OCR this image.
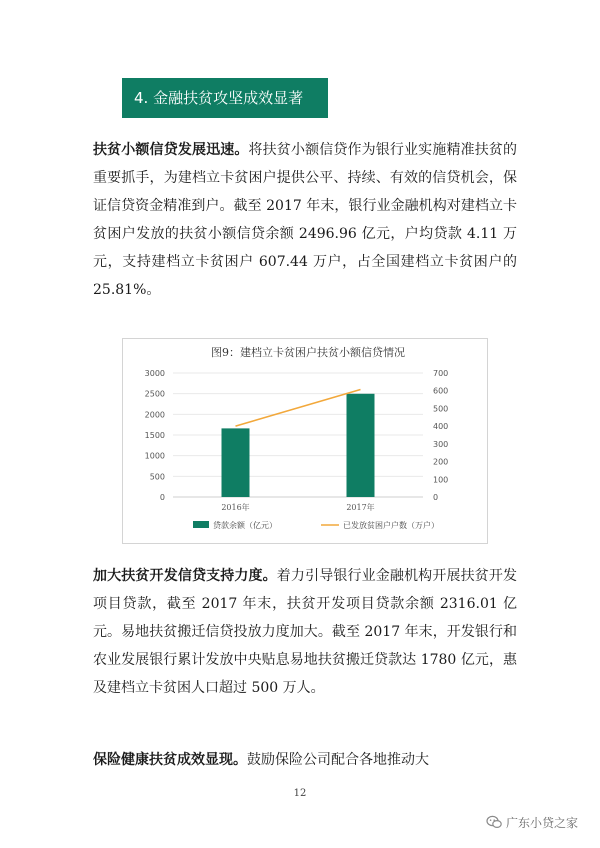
4. 金融扶贫攻坚成效显著

扶贫小额信贷发展迅速。将扶贫小额信贷作为银行业实施精准扶贫的重要抓手，为建档立卡贫困户提供公平、持续、有效的信贷机会，保证信贷资金精准到户。截至 2017 年末，银行业金融机构对建档立卡贫困户发放的扶贫小额信贷余额 2496.96 亿元，户均贷款 4.11 万元，支持建档立卡贫困户 607.44 万户，占全国建档立卡贫困户的 25.81%。

图9：建档立卡贫困户扶贫小额信贷情况
0
500
1000
1500
2000
2500
3000
0
100
200
300
400
500
600
700
2016年	2017年
贷款余额（亿元）	已发放贫困户户数（万户）

加大扶贫开发信贷支持力度。着力引导银行业金融机构开展扶贫开发项目贷款，截至 2017 年末，扶贫开发项目贷款余额 2316.01 亿元。易地扶贫搬迁信贷投放力度加大。截至 2017 年末，开发银行和农业发展银行累计发放中央贴息易地扶贫搬迁贷款达 1780 亿元，惠及建档立卡贫困人口超过 500 万人。

保险健康扶贫成效显现。鼓励保险公司配合各地推动大

12
广东小贷之家
